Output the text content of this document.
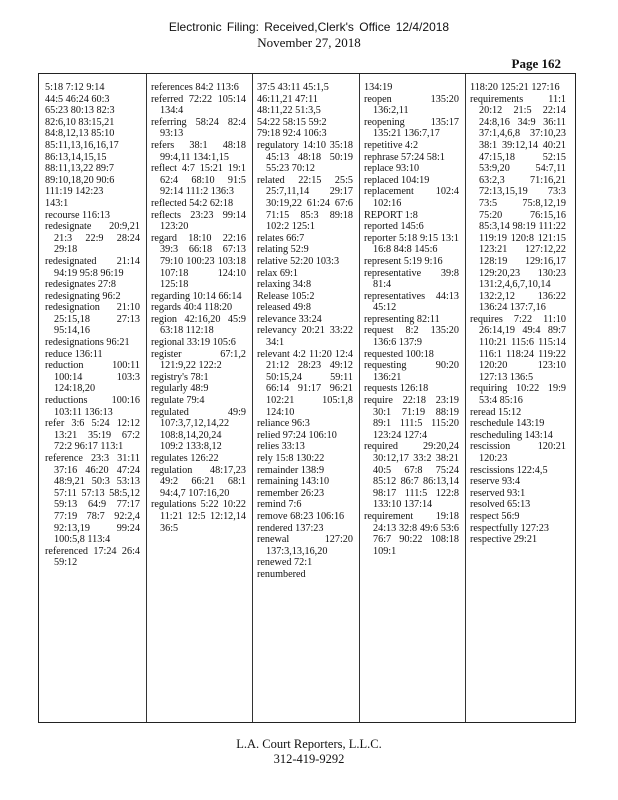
Electronic Filing: Received,Clerk's Office 12/4/2018
November 27, 2018
Page 162

5:18 7:12 9:14

44:5 46:24 60:3

65:23 80:13 82:3

82:6,10 83:15,21

84:8,12,13 85:10

85:11,13,16,16,17

86:13,14,15,15

88:11,13,22 89:7

89:10,18,20 90:6

111:19 142:23

143:1

recourse 116:13

redesignate 20:9,21 21:3 22:9 28:24 29:18

redesignated 21:14 94:19 95:8 96:19

redesignates 27:8

redesignating 96:2

redesignation 21:10 25:15,18 27:13 95:14,16

redesignations 96:21

reduce 136:11

reduction 100:11 100:14 103:3 124:18,20

reductions 100:16 103:11 136:13

refer 3:6 5:24 12:12 13:21 35:19 67:2 72:2 96:17 113:1

reference 23:3 31:11 37:16 46:20 47:24 48:9,21 50:3 53:13 57:11 57:13 58:5,12 59:13 64:9 77:17 77:19 78:7 92:2,4 92:13,19 99:24 100:5,8 113:4

referenced 17:24 26:4 59:12

references 84:2 113:6

referred 72:22 105:14 134:4

referring 58:24 82:4 93:13

refers 38:1 48:18 99:4,11 134:1,15

reflect 4:7 15:21 19:1 62:4 68:10 91:5 92:14 111:2 136:3

reflected 54:2 62:18

reflects 23:23 99:14 123:20

regard 18:10 22:16 39:3 66:18 67:13 79:10 100:23 103:18 107:18 124:10 125:18

regarding 10:14 66:14

regards 40:4 118:20

region 42:16,20 45:9 63:18 112:18

regional 33:19 105:6

register 67:1,2 121:9,22 122:2

registry's 78:1

regularly 48:9

regulate 79:4

regulated 49:9 107:3,7,12,14,22 108:8,14,20,24 109:2 133:8,12

regulates 126:22

regulation 48:17,23 49:2 66:21 68:1 94:4,7 107:16,20

regulations 5:22 10:22 11:21 12:5 12:12,14 36:5

37:5 43:11 45:1,5

46:11,21 47:11

48:11,22 51:3,5

54:22 58:15 59:2

79:18 92:4 106:3

regulatory 14:10 35:18 45:13 48:18 50:19 55:23 70:12

related 22:15 25:5 25:7,11,14 29:17 30:19,22 61:24 67:6 71:15 85:3 89:18 102:2 125:1

relates 66:7

relating 52:9

relative 52:20 103:3

relax 69:1

relaxing 34:8

Release 105:2

released 49:8

relevance 33:24

relevancy 20:21 33:22 34:1

relevant 4:2 11:20 12:4 21:12 28:23 49:12 50:15,24 59:11 66:14 91:17 96:21 102:21 105:1,8 124:10

reliance 96:3

relied 97:24 106:10

relies 33:13

rely 15:8 130:22

remainder 138:9

remaining 143:10

remember 26:23

remind 7:6

remove 68:23 106:16

rendered 137:23

renewal 127:20 137:3,13,16,20

renewed 72:1

renumbered

134:19

reopen 135:20 136:2,11

reopening 135:17 135:21 136:7,17

repetitive 4:2

rephrase 57:24 58:1

replace 93:10

replaced 104:19

replacement 102:4 102:16

REPORT 1:8

reported 145:6

reporter 5:18 9:15 13:1 16:8 84:8 145:6

represent 5:19 9:16

representative 39:8 81:4

representatives 44:13 45:12

representing 82:11

request 8:2 135:20 136:6 137:9

requested 100:18

requesting 90:20 136:21

requests 126:18

require 22:18 23:19 30:1 71:19 88:19 89:1 111:5 115:20 123:24 127:4

required 29:20,24 30:12,17 33:2 38:21 40:5 67:8 75:24 85:12 86:7 86:13,14 98:17 111:5 122:8 133:10 137:14

requirement 19:18 24:13 32:8 49:6 53:6 76:7 90:22 108:18 109:1

118:20 125:21 127:16

requirements 11:1 20:12 21:5 22:14 24:8,16 34:9 36:11 37:1,4,6,8 37:10,23 38:1 39:12,14 40:21 47:15,18 52:15 53:9,20 54:7,11 63:2,3 71:16,21 72:13,15,19 73:3 73:5 75:8,12,19 75:20 76:15,16 85:3,14 98:19 111:22 119:19 120:8 121:15 123:21 127:12,22 128:19 129:16,17 129:20,23 130:23 131:2,4,6,7,10,14 132:2,12 136:22 136:24 137:7,16

requires 7:22 11:10 26:14,19 49:4 89:7 110:21 115:6 115:14 116:1 118:24 119:22 120:20 123:10 127:13 136:5

requiring 10:22 19:9 53:4 85:16

reread 15:12

reschedule 143:19

rescheduling 143:14

rescission 120:21 120:23

rescissions 122:4,5

reserve 93:4

reserved 93:1

resolved 65:13

respect 56:9

respectfully 127:23

respective 29:21

L.A. Court Reporters, L.L.C.
312-419-9292
